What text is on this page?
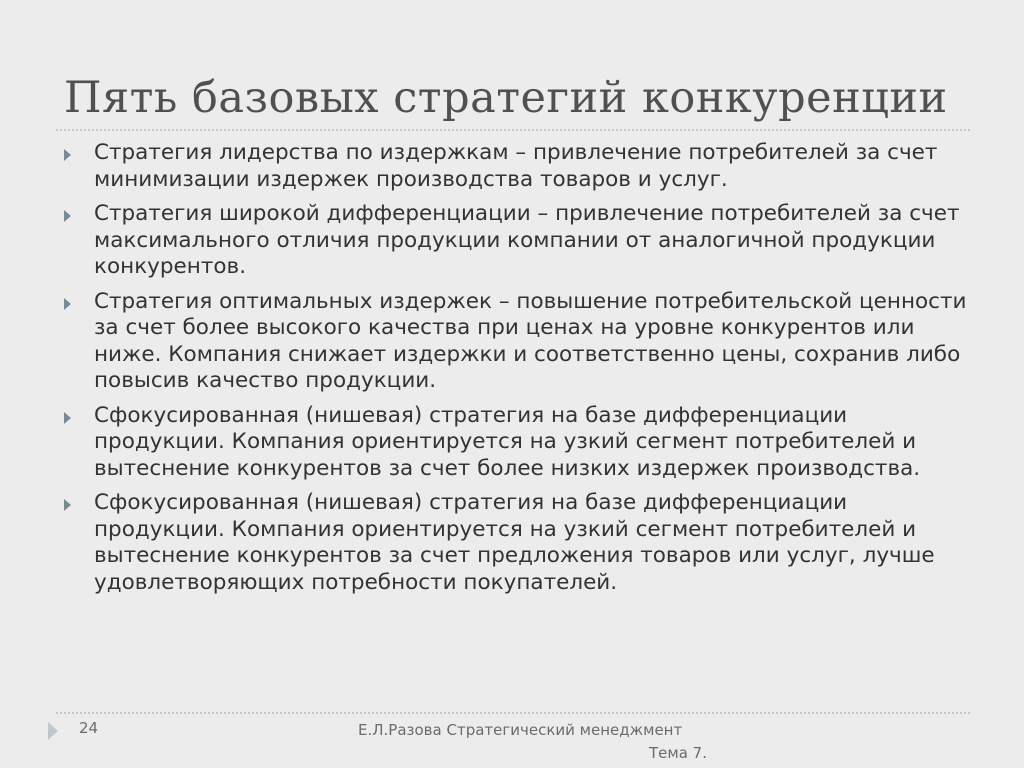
Пять базовых стратегий конкуренции
Стратегия лидерства по издержкам – привлечение потребителей за счет минимизации издержек производства товаров и услуг.
Стратегия широкой дифференциации – привлечение потребителей за счет максимального отличия продукции компании от аналогичной продукции конкурентов.
Стратегия оптимальных издержек – повышение потребительской ценности за счет более высокого качества при ценах на уровне конкурентов или ниже. Компания снижает издержки и соответственно цены, сохранив либо повысив качество продукции.
Сфокусированная (нишевая) стратегия на базе дифференциации продукции. Компания ориентируется на узкий сегмент потребителей и вытеснение конкурентов за счет более низких издержек производства.
Сфокусированная (нишевая) стратегия на базе дифференциации продукции. Компания ориентируется на узкий сегмент потребителей и вытеснение конкурентов за счет предложения товаров или услуг, лучше удовлетворяющих потребности покупателей.
24	Е.Л.Разова Стратегический менеджмент
Тема 7.
